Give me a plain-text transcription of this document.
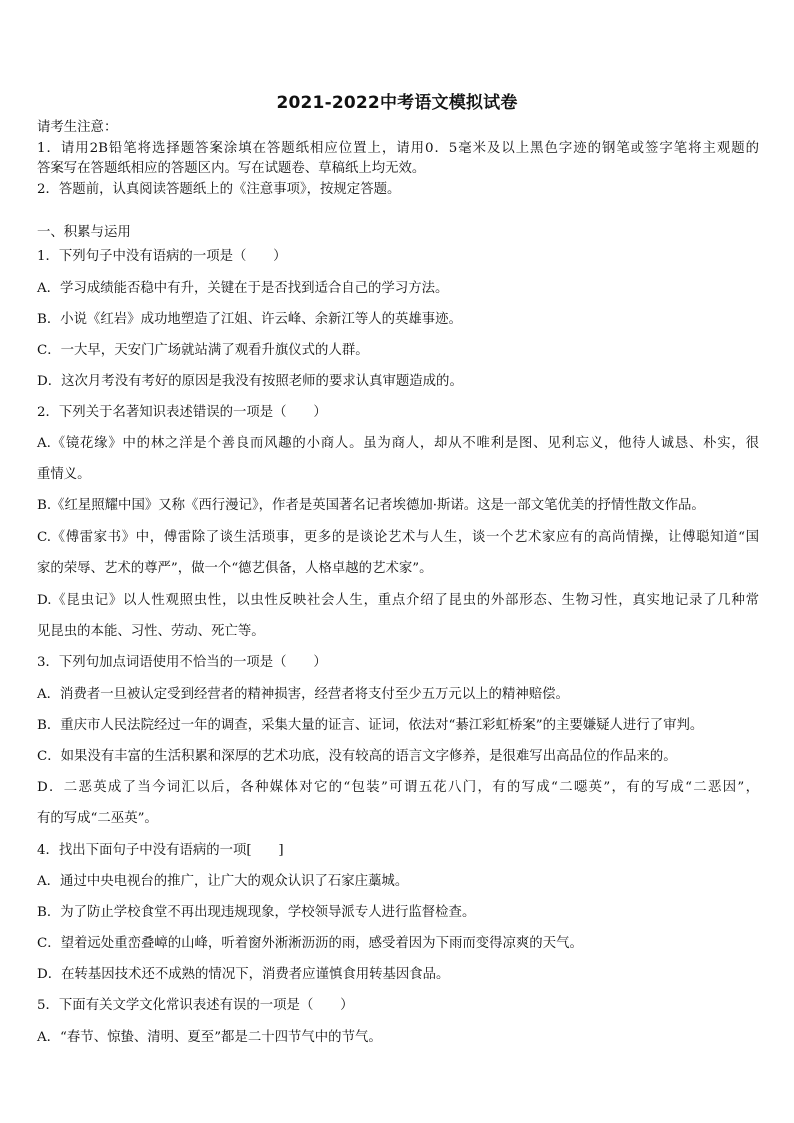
2021-2022中考语文模拟试卷
请考生注意：
1．请用2B铅笔将选择题答案涂填在答题纸相应位置上，请用0．5毫米及以上黑色字迹的钢笔或签字笔将主观题的
答案写在答题纸相应的答题区内。写在试题卷、草稿纸上均无效。
2．答题前，认真阅读答题纸上的《注意事项》，按规定答题。
一、积累与运用
1．下列句子中没有语病的一项是（　　）
A．学习成绩能否稳中有升，关键在于是否找到适合自己的学习方法。
B．小说《红岩》成功地塑造了江姐、许云峰、余新江等人的英雄事迹。
C．一大早，天安门广场就站满了观看升旗仪式的人群。
D．这次月考没有考好的原因是我没有按照老师的要求认真审题造成的。
2．下列关于名著知识表述错误的一项是（　　）
A.《镜花缘》中的林之洋是个善良而风趣的小商人。虽为商人，却从不唯利是图、见利忘义，他待人诚恳、朴实，很
重情义。
B.《红星照耀中国》又称《西行漫记》，作者是英国著名记者埃德加·斯诺。这是一部文笔优美的抒情性散文作品。
C.《傅雷家书》中，傅雷除了谈生活琐事，更多的是谈论艺术与人生，谈一个艺术家应有的高尚情操，让傅聪知道“国
家的荣辱、艺术的尊严”，做一个“德艺俱备，人格卓越的艺术家”。
D.《昆虫记》以人性观照虫性，以虫性反映社会人生，重点介绍了昆虫的外部形态、生物习性，真实地记录了几种常
见昆虫的本能、习性、劳动、死亡等。
3．下列句加点词语使用不恰当的一项是（　　）
A．消费者一旦被认定受到经营者的精神损害，经营者将支付至少五万元以上的精神赔偿。
B．重庆市人民法院经过一年的调查，采集大量的证言、证词，依法对“綦江彩虹桥案”的主要嫌疑人进行了审判。
C．如果没有丰富的生活积累和深厚的艺术功底，没有较高的语言文字修养，是很难写出高品位的作品来的。
D．二恶英成了当今词汇以后，各种媒体对它的“包装”可谓五花八门，有的写成“二噁英”，有的写成“二恶因”，
有的写成“二巫英”。
4．找出下面句子中没有语病的一项[　　]
A．通过中央电视台的推广，让广大的观众认识了石家庄藁城。
B．为了防止学校食堂不再出现违规现象，学校领导派专人进行监督检查。
C．望着远处重峦叠嶂的山峰，听着窗外淅淅沥沥的雨，感受着因为下雨而变得凉爽的天气。
D．在转基因技术还不成熟的情况下，消费者应谨慎食用转基因食品。
5．下面有关文学文化常识表述有误的一项是（　　）
A．“春节、惊蛰、清明、夏至”都是二十四节气中的节气。
